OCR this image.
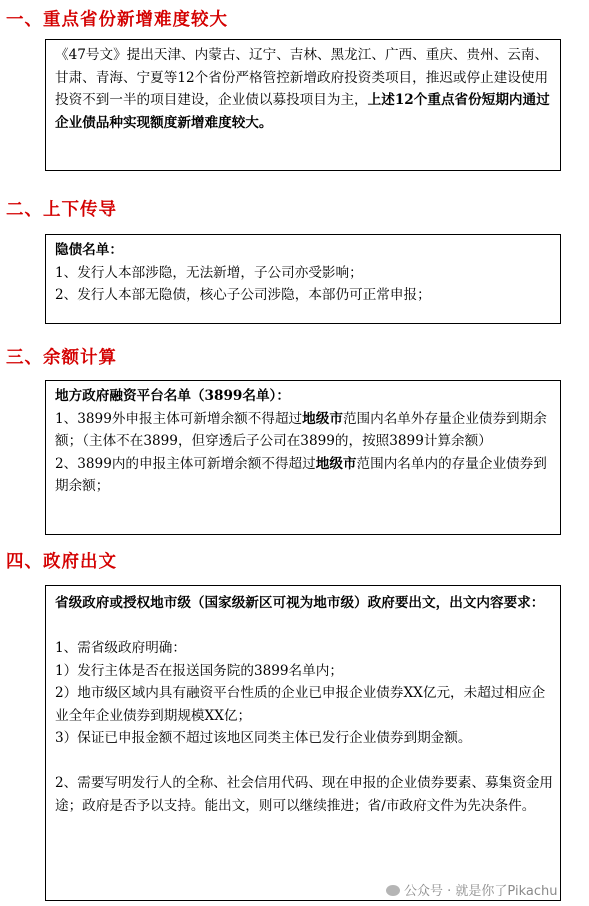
一、重点省份新增难度较大

《47号文》提出天津、内蒙古、辽宁、吉林、黑龙江、广西、重庆、贵州、云南、甘肃、青海、宁夏等12个省份严格管控新增政府投资类项目，推迟或停止建设使用投资不到一半的项目建设，企业债以募投项目为主，上述12个重点省份短期内通过企业债品种实现额度新增难度较大。

二、上下传导

隐债名单：

1、发行人本部涉隐，无法新增，子公司亦受影响；

2、发行人本部无隐债，核心子公司涉隐，本部仍可正常申报；

三、余额计算

地方政府融资平台名单（3899名单）：

1、3899外申报主体可新增余额不得超过地级市范围内名单外存量企业债券到期余额；（主体不在3899，但穿透后子公司在3899的，按照3899计算余额）

2、3899内的申报主体可新增余额不得超过地级市范围内名单内的存量企业债券到期余额；

四、政府出文

省级政府或授权地市级（国家级新区可视为地市级）政府要出文，出文内容要求：

1、需省级政府明确：

1）发行主体是否在报送国务院的3899名单内；

2）地市级区域内具有融资平台性质的企业已申报企业债券XX亿元，未超过相应企业全年企业债券到期规模XX亿；

3）保证已申报金额不超过该地区同类主体已发行企业债券到期金额。

2、需要写明发行人的全称、社会信用代码、现在申报的企业债券要素、募集资金用途；政府是否予以支持。能出文，则可以继续推进；省/市政府文件为先决条件。

公众号 · 就是你了Pikachu
